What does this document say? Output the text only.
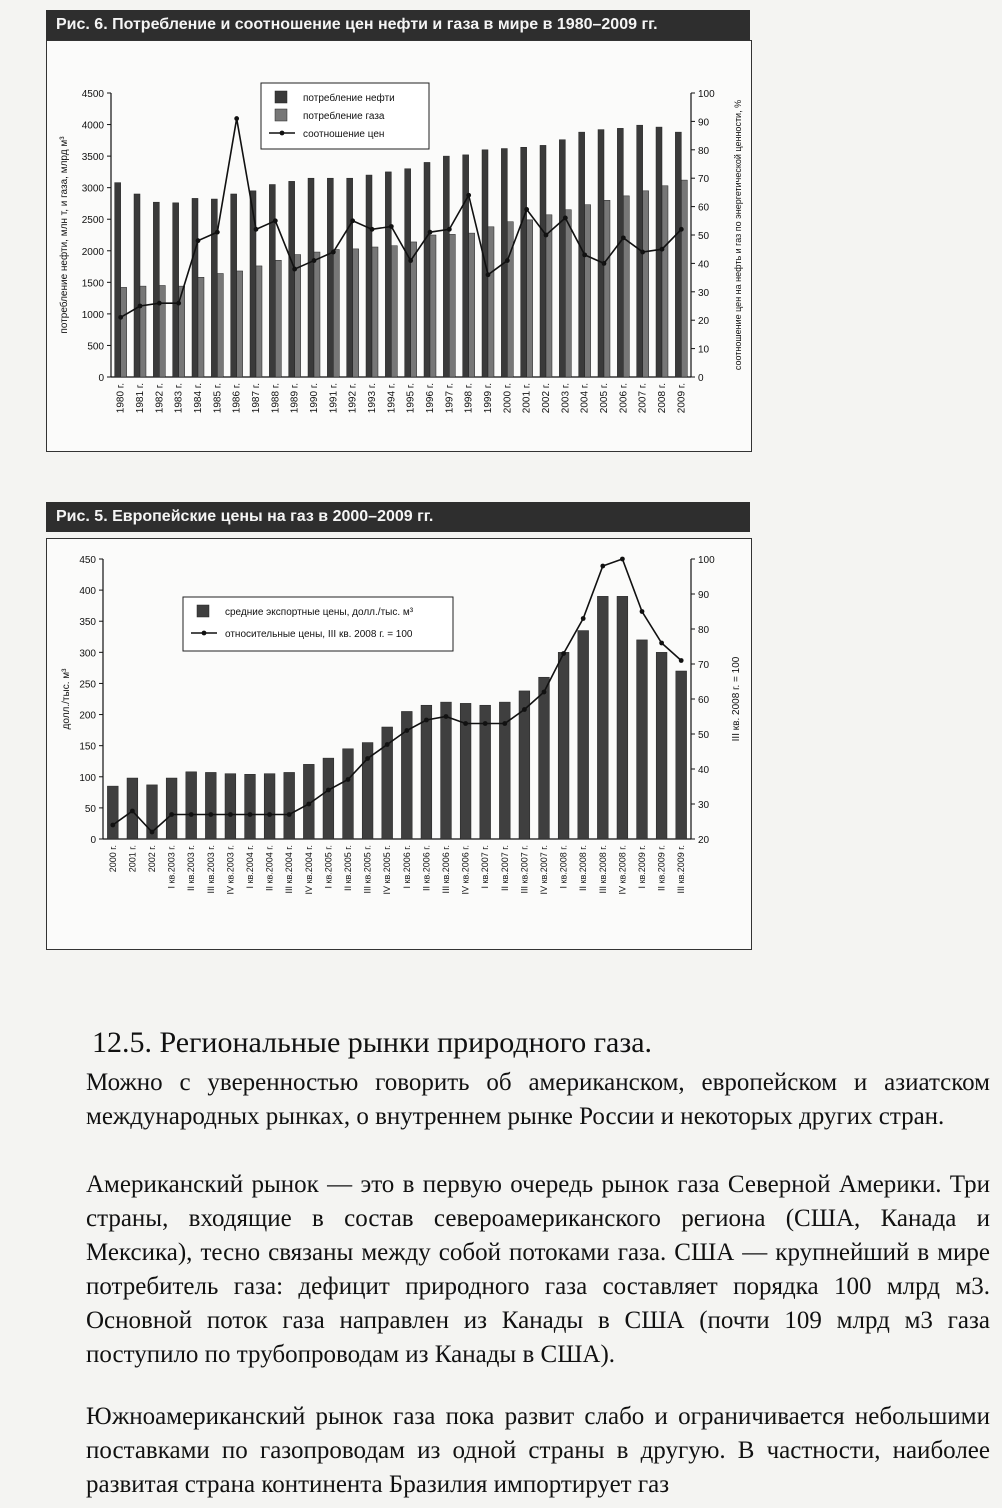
Рис. 6. Потребление и соотношение цен нефти и газа в мире в 1980–2009 гг.
0
500
1000
1500
2000
2500
3000
3500
4000
4500
0
10
20
30
40
50
60
70
80
90
100
потребление нефти, млн т, и газа, млрд м³	соотношение цен на нефть и газ по энергетической ценности, %
1980 г. 1981 г. 1982 г. 1983 г. 1984 г. 1985 г. 1986 г. 1987 г. 1988 г. 1989 г. 1990 г. 1991 г. 1992 г. 1993 г. 1994 г. 1995 г. 1996 г. 1997 г. 1998 г. 1999 г. 2000 г. 2001 г. 2002 г. 2003 г. 2004 г. 2005 г. 2006 г. 2007 г. 2008 г. 2009 г.
потребление нефти
потребление газа
соотношение цен
Рис. 5. Европейские цены на газ в 2000–2009 гг.
0
50
100
150
200
250
300
350
400
450
20
30
40
50
60
70
80
90
100
долл./тыс. м³	III кв. 2008 г. = 100
2000 г. 2001 г. 2002 г. I кв.2003 г. II кв.2003 г. III кв.2003 г. IV кв.2003 г. I кв.2004 г. II кв.2004 г. III кв.2004 г. IV кв.2004 г. I кв.2005 г. II кв.2005 г. III кв.2005 г. IV кв.2005 г. I кв.2006 г. II кв.2006 г. III кв.2006 г. IV кв.2006 г. I кв.2007 г. II кв.2007 г. III кв.2007 г. IV кв.2007 г. I кв.2008 г. II кв.2008 г. III кв.2008 г. IV кв.2008 г. I кв.2009 г. II кв.2009 г. III кв.2009 г.
средние экспортные цены, долл./тыс. м³
относительные цены, III кв. 2008 г. = 100
12.5. Региональные рынки природного газа.

Можно с уверенностью говорить об американском, европейском и азиатском международных рынках, о внутреннем рынке России и некоторых других стран.

Американский рынок — это в первую очередь рынок газа Северной Америки. Три страны, входящие в состав североамериканского региона (США, Канада и Мексика), тесно связаны между собой потоками газа. США — крупнейший в мире потребитель газа: дефицит природного газа составляет порядка 100 млрд м3. Основной поток газа направлен из Канады в США (почти 109 млрд м3 газа поступило по трубопроводам из Канады в США).

Южноамериканский рынок газа пока развит слабо и ограничивается небольшими поставками по газопроводам из одной страны в другую. В частности, наиболее развитая страна континента Бразилия импортирует газ
